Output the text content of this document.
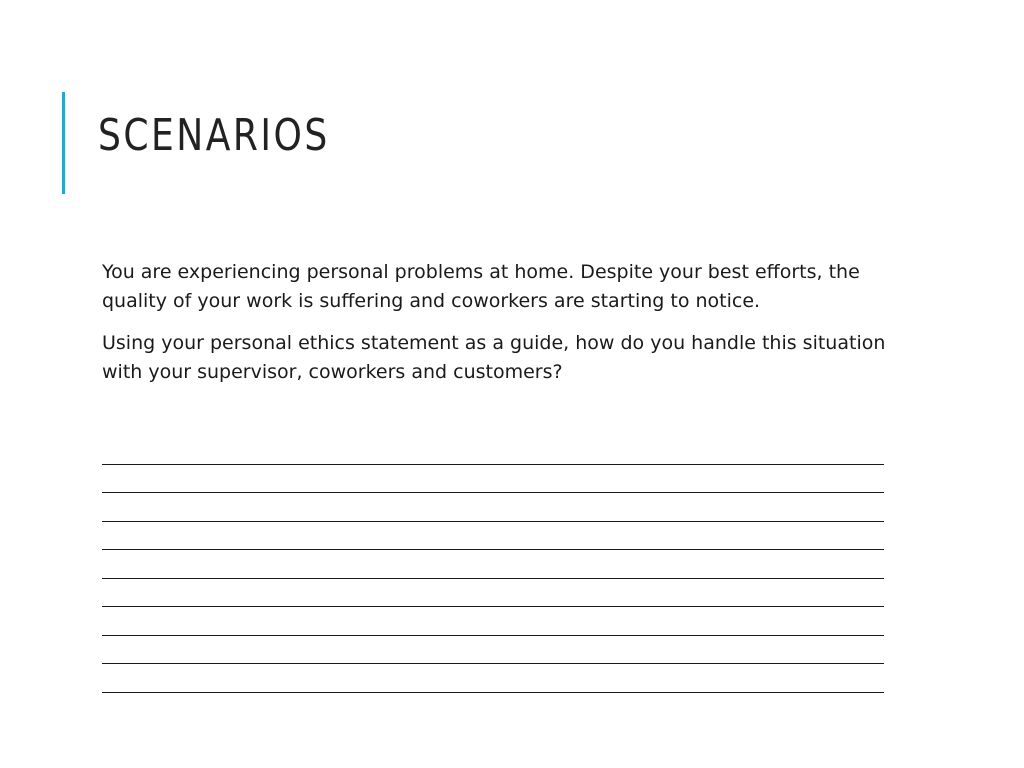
SCENARIOS

You are experiencing personal problems at home. Despite your best efforts, the quality of your work is suffering and coworkers are starting to notice.

Using your personal ethics statement as a guide, how do you handle this situation with your supervisor, coworkers and customers?
